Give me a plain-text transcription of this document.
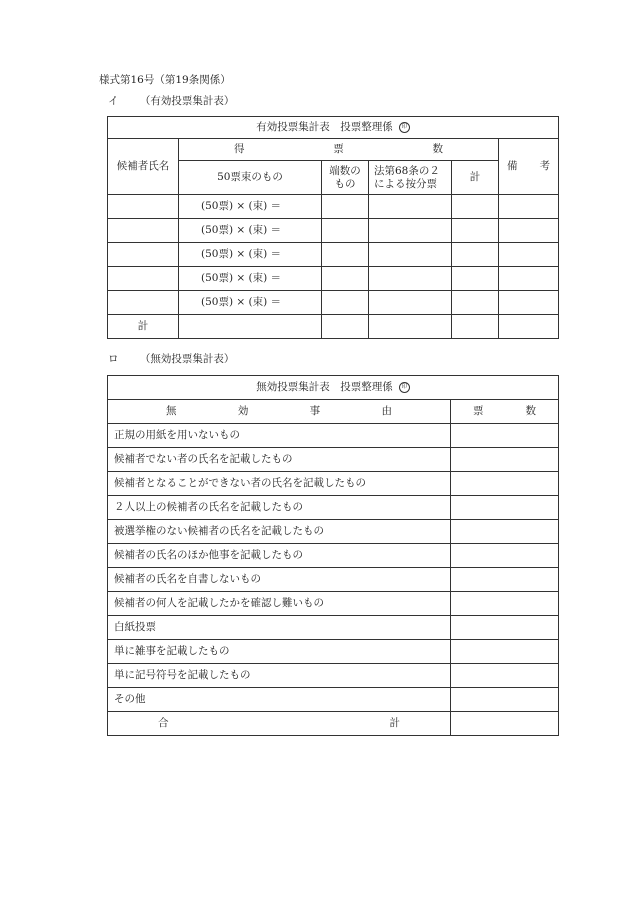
様式第16号（第19条関係）
イ （有効投票集計表）
有効投票集計表　投票整理係 印					
候補者氏名	得 票 数				備 考

	50票束のもの	端数のもの	法第68条の２による按分票	計	
	(50票) × (束) ＝				
	(50票) × (束) ＝				
	(50票) × (束) ＝				
	(50票) × (束) ＝				
	(50票) × (束) ＝				
計					
ロ （無効投票集計表）
無効投票集計表　投票整理係 印	

無 効 事 由	票 数

正規の用紙を用いないもの	
候補者でない者の氏名を記載したもの	
候補者となることができない者の氏名を記載したもの	
２人以上の候補者の氏名を記載したもの	
被選挙権のない候補者の氏名を記載したもの	
候補者の氏名のほか他事を記載したもの	
候補者の氏名を自書しないもの	
候補者の何人を記載したかを確認し難いもの	
白紙投票	
単に雑事を記載したもの	
単に記号符号を記載したもの	
その他	

合 計	
